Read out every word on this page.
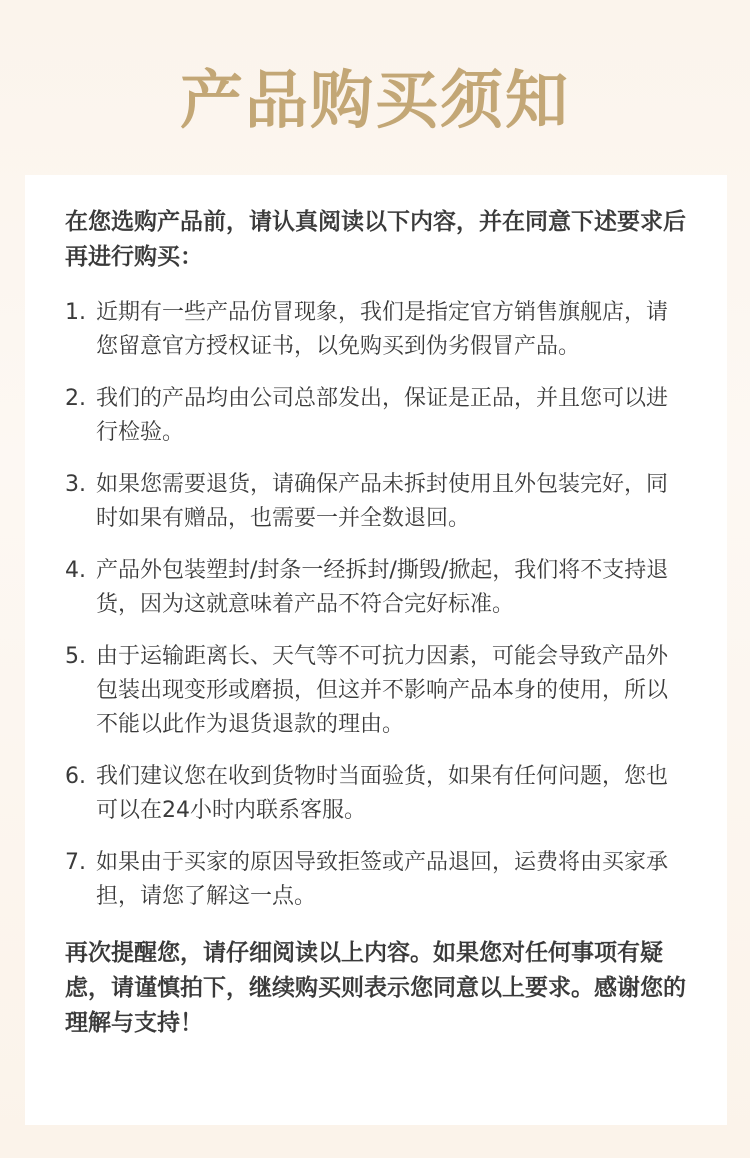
产品购买须知

在您选购产品前，请认真阅读以下内容，并在同意下述要求后再进行购买：

1. 近期有一些产品仿冒现象，我们是指定官方销售旗舰店，请您留意官方授权证书，以免购买到伪劣假冒产品。
2. 我们的产品均由公司总部发出，保证是正品，并且您可以进行检验。
3. 如果您需要退货，请确保产品未拆封使用且外包装完好，同时如果有赠品，也需要一并全数退回。
4. 产品外包装塑封/封条一经拆封/撕毁/掀起，我们将不支持退货，因为这就意味着产品不符合完好标准。
5. 由于运输距离长、天气等不可抗力因素，可能会导致产品外包装出现变形或磨损，但这并不影响产品本身的使用，所以不能以此作为退货退款的理由。
6. 我们建议您在收到货物时当面验货，如果有任何问题，您也可以在24小时内联系客服。
7. 如果由于买家的原因导致拒签或产品退回，运费将由买家承担，请您了解这一点。

再次提醒您，请仔细阅读以上内容。如果您对任何事项有疑虑，请谨慎拍下，继续购买则表示您同意以上要求。感谢您的理解与支持！
